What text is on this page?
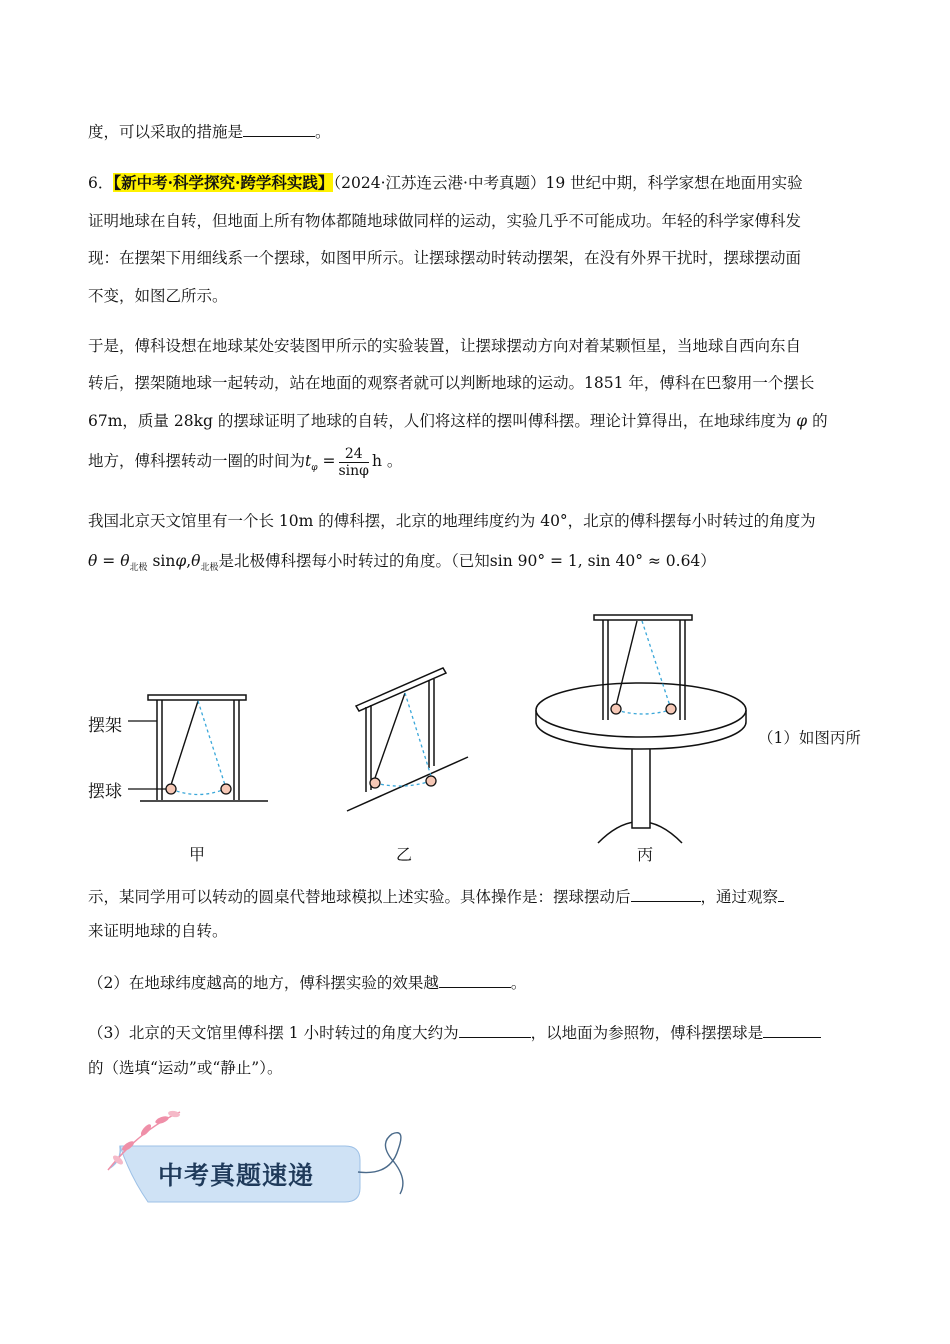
度，可以采取的措施是	。
6．【新中考·科学探究·跨学科实践】（2024·江苏连云港·中考真题）19 世纪中期，科学家想在地面用实验
证明地球在自转，但地面上所有物体都随地球做同样的运动，实验几乎不可能成功。年轻的科学家傅科发
现：在摆架下用细线系一个摆球，如图甲所示。让摆球摆动时转动摆架，在没有外界干扰时，摆球摆动面
不变，如图乙所示。
于是，傅科设想在地球某处安装图甲所示的实验装置，让摆球摆动方向对着某颗恒星，当地球自西向东自
转后，摆架随地球一起转动，站在地面的观察者就可以判断地球的运动。1851 年，傅科在巴黎用一个摆长
67m，质量 28kg 的摆球证明了地球的自转，人们将这样的摆叫傅科摆。理论计算得出，在地球纬度为 φ 的
地方，傅科摆转动一圈的时间为$t_\varphi = \frac{24}{\sin\varphi}$ h 。
我国北京天文馆里有一个长 10m 的傅科摆，北京的地理纬度约为 40°，北京的傅科摆每小时转过的角度为
$\theta = \theta_{北极}$ $\sin\varphi,\theta_{北极}$是北极傅科摆每小时转过的角度。（已知sin 90° = 1, sin 40° ≈ 0.64）
摆架
摆球
甲	乙	丙
（1）如图丙所
示，某同学用可以转动的圆桌代替地球模拟上述实验。具体操作是：摆球摆动后	，通过观察
来证明地球的自转。
（2）在地球纬度越高的地方，傅科摆实验的效果越	。
（3）北京的天文馆里傅科摆 1 小时转过的角度大约为	，以地面为参照物，傅科摆摆球是
的（选填“运动”或“静止”）。
中考真题速递
